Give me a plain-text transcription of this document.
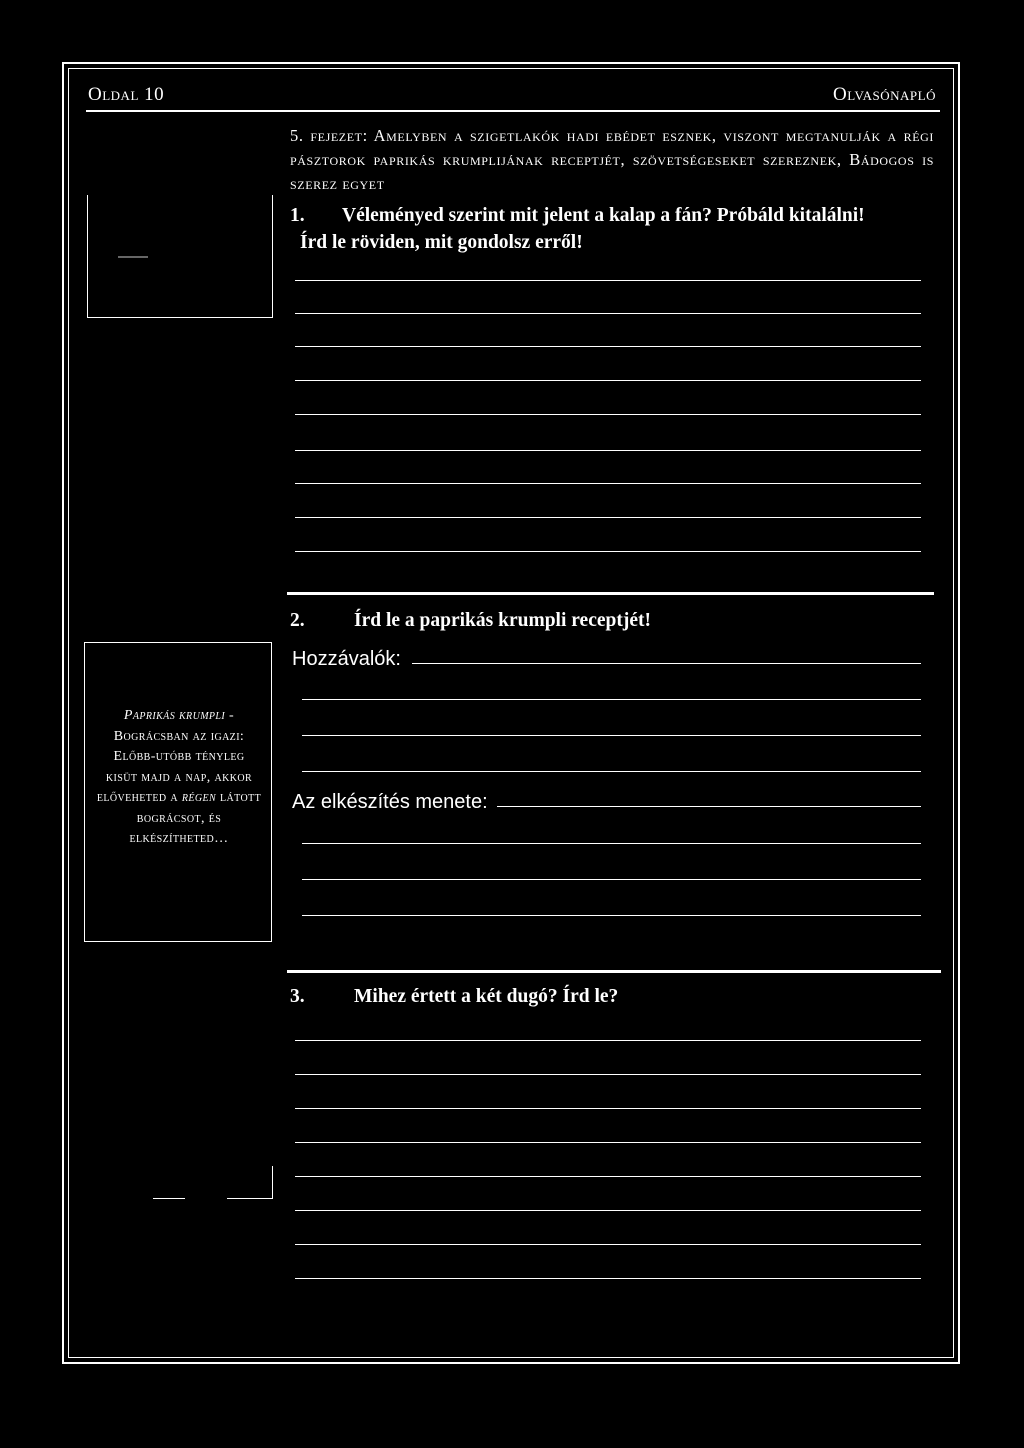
Oldal 10	Olvasónapló
5. fejezet: Amelyben a szigetlakók hadi ebédet esznek, viszont megtanulják a régi pásztorok paprikás krumplijának receptjét, szövetségeseket szereznek, Bádogos is szerez egyet
1. Véleményed szerint mit jelent a kalap a fán? Próbáld kitalálni!
Írd le röviden, mit gondolsz erről!
2.	Írd le a paprikás krumpli receptjét!
Hozzávalók:
Az elkészítés menete:
Paprikás krumpli - Bográcsban az igazi: Előbb-utóbb tényleg kisüt majd a nap, akkor előveheted a régen látott bográcsot, és elkészítheted…
3.	Mihez értett a két dugó? Írd le?
